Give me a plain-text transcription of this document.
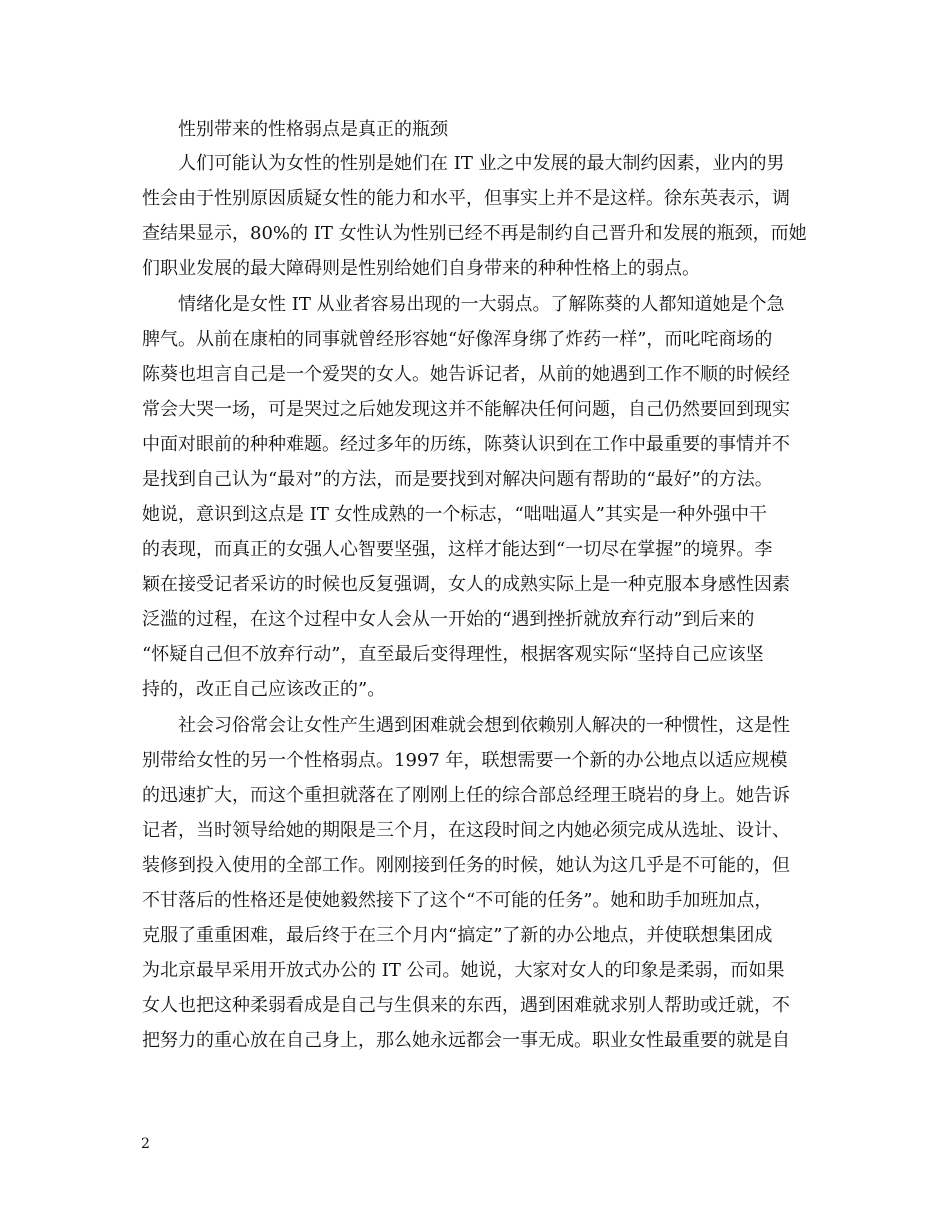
性别带来的性格弱点是真正的瓶颈
人们可能认为女性的性别是她们在 IT 业之中发展的最大制约因素，业内的男
性会由于性别原因质疑女性的能力和水平，但事实上并不是这样。徐东英表示，调
查结果显示，80%的 IT 女性认为性别已经不再是制约自己晋升和发展的瓶颈，而她
们职业发展的最大障碍则是性别给她们自身带来的种种性格上的弱点。
情绪化是女性 IT 从业者容易出现的一大弱点。了解陈葵的人都知道她是个急
脾气。从前在康柏的同事就曾经形容她“好像浑身绑了炸药一样”，而叱咤商场的
陈葵也坦言自己是一个爱哭的女人。她告诉记者，从前的她遇到工作不顺的时候经
常会大哭一场，可是哭过之后她发现这并不能解决任何问题，自己仍然要回到现实
中面对眼前的种种难题。经过多年的历练，陈葵认识到在工作中最重要的事情并不
是找到自己认为“最对”的方法，而是要找到对解决问题有帮助的“最好”的方法。
她说，意识到这点是 IT 女性成熟的一个标志，“咄咄逼人”其实是一种外强中干
的表现，而真正的女强人心智要坚强，这样才能达到“一切尽在掌握”的境界。李
颖在接受记者采访的时候也反复强调，女人的成熟实际上是一种克服本身感性因素
泛滥的过程，在这个过程中女人会从一开始的“遇到挫折就放弃行动”到后来的
“怀疑自己但不放弃行动”，直至最后变得理性，根据客观实际“坚持自己应该坚
持的，改正自己应该改正的”。
社会习俗常会让女性产生遇到困难就会想到依赖别人解决的一种惯性，这是性
别带给女性的另一个性格弱点。1997 年，联想需要一个新的办公地点以适应规模
的迅速扩大，而这个重担就落在了刚刚上任的综合部总经理王晓岩的身上。她告诉
记者，当时领导给她的期限是三个月，在这段时间之内她必须完成从选址、设计、
装修到投入使用的全部工作。刚刚接到任务的时候，她认为这几乎是不可能的，但
不甘落后的性格还是使她毅然接下了这个“不可能的任务”。她和助手加班加点，
克服了重重困难，最后终于在三个月内“搞定”了新的办公地点，并使联想集团成
为北京最早采用开放式办公的 IT 公司。她说，大家对女人的印象是柔弱，而如果
女人也把这种柔弱看成是自己与生俱来的东西，遇到困难就求别人帮助或迁就，不
把努力的重心放在自己身上，那么她永远都会一事无成。职业女性最重要的就是自
2
